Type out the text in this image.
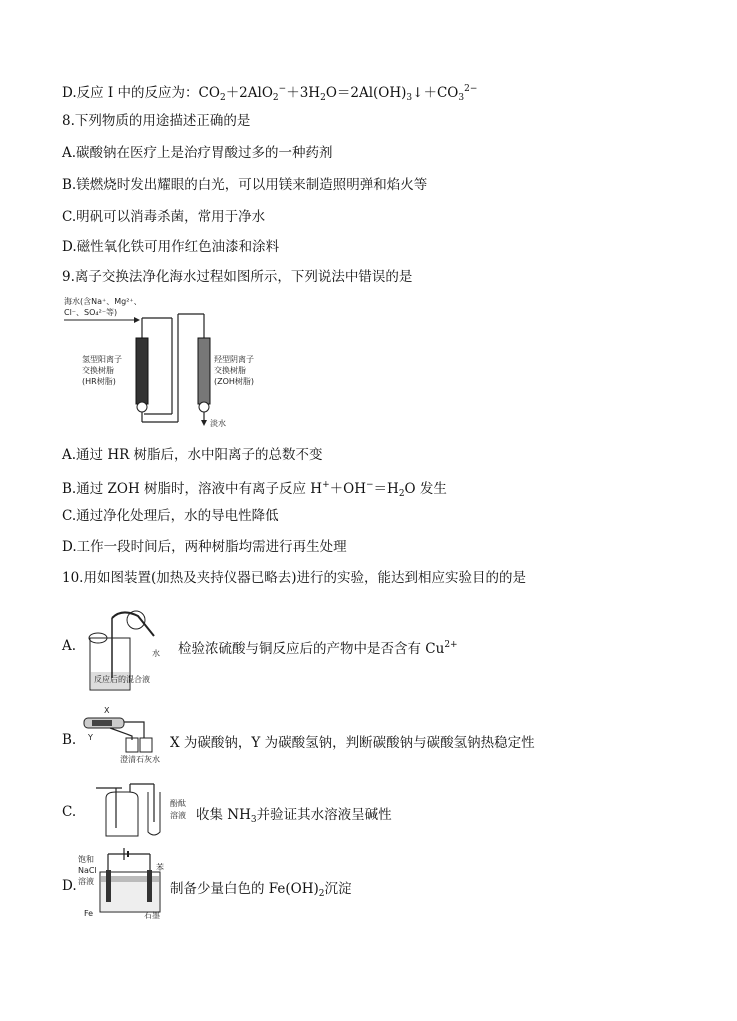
D.反应 I 中的反应为：$CO_2+2AlO_2^-+3H_2O=2Al(OH)_3↓+CO_3^{2-}$
8.下列物质的用途描述正确的是
A.碳酸钠在医疗上是治疗胃酸过多的一种药剂
B.镁燃烧时发出耀眼的白光，可以用镁来制造照明弹和焰火等
C.明矾可以消毒杀菌，常用于净水
D.磁性氧化铁可用作红色油漆和涂料
9.离子交换法净化海水过程如图所示，下列说法中错误的是
海水(含Na⁺、Mg²⁺、
Cl⁻、SO₄²⁻等)
氢型阳离子
交换树脂
(HR树脂)
羟型阴离子
交换树脂
(ZOH树脂)
淡水
A.通过 HR 树脂后，水中阳离子的总数不变
B.通过 ZOH 树脂时，溶液中有离子反应 $H^++OH^-=H_2O$ 发生
C.通过净化处理后，水的导电性降低
D.工作一段时间后，两种树脂均需进行再生处理
10.用如图装置(加热及夹持仪器已略去)进行的实验，能达到相应实验目的的是
A.	水
反应后的混合液
检验浓硫酸与铜反应后的产物中是否含有 $Cu^{2+}$
B.
X
Y
澄清石灰水
X 为碳酸钠，Y 为碳酸氢钠，判断碳酸钠与碳酸氢钠热稳定性
C.
酚酞
溶液 收集 $NH_3$并验证其水溶液呈碱性
D.
饱和
NaCl
溶液
苯
Fe	石墨
制备少量白色的 $Fe(OH)_2$沉淀
